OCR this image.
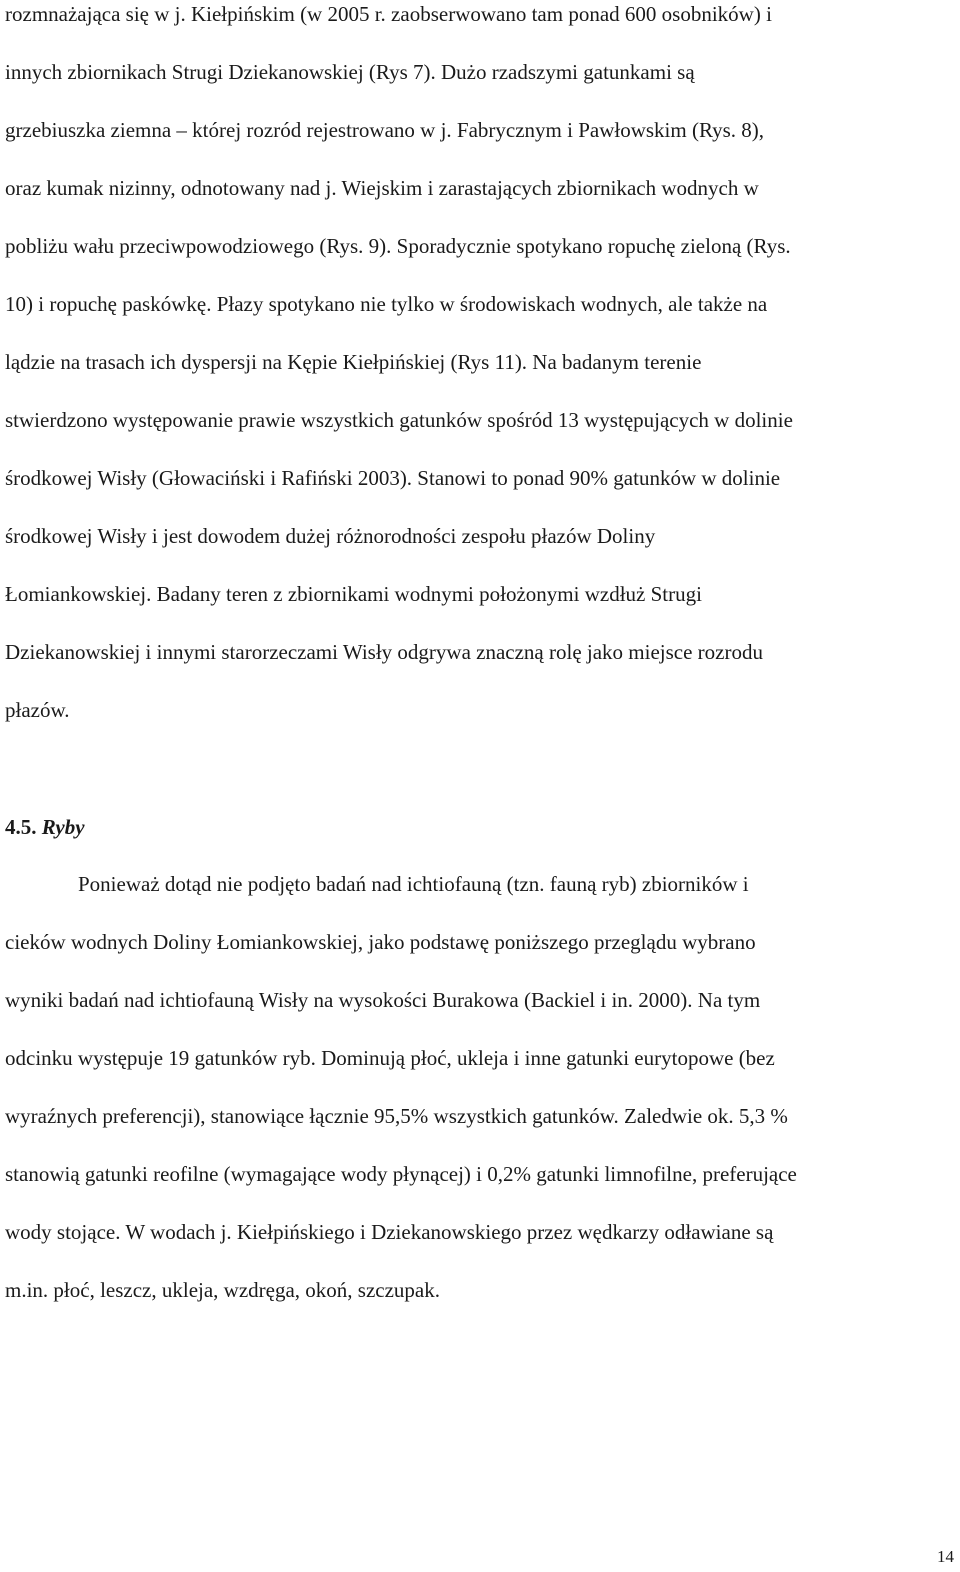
rozmnażająca się w j. Kiełpińskim (w 2005 r. zaobserwowano tam ponad 600 osobników) i
innych zbiornikach Strugi Dziekanowskiej (Rys 7). Dużo rzadszymi gatunkami są
grzebiuszka ziemna – której rozród rejestrowano w j. Fabrycznym i Pawłowskim (Rys. 8),
oraz kumak nizinny, odnotowany nad j. Wiejskim i zarastających zbiornikach wodnych w
pobliżu wału przeciwpowodziowego (Rys. 9). Sporadycznie spotykano ropuchę zieloną (Rys.
10) i ropuchę paskówkę. Płazy spotykano nie tylko w środowiskach wodnych, ale także na
lądzie na trasach ich dyspersji na Kępie Kiełpińskiej (Rys 11). Na badanym terenie
stwierdzono występowanie prawie wszystkich gatunków spośród 13 występujących w dolinie
środkowej Wisły (Głowaciński i Rafiński 2003). Stanowi to ponad 90% gatunków w dolinie
środkowej Wisły i jest dowodem dużej różnorodności zespołu płazów Doliny
Łomiankowskiej. Badany teren z zbiornikami wodnymi położonymi wzdłuż Strugi
Dziekanowskiej i innymi starorzeczami Wisły odgrywa znaczną rolę jako miejsce rozrodu
płazów.
4.5. Ryby
Ponieważ dotąd nie podjęto badań nad ichtiofauną (tzn. fauną ryb) zbiorników i
cieków wodnych Doliny Łomiankowskiej, jako podstawę poniższego przeglądu wybrano
wyniki badań nad ichtiofauną Wisły na wysokości Burakowa (Backiel i in. 2000). Na tym
odcinku występuje 19 gatunków ryb. Dominują płoć, ukleja i inne gatunki eurytopowe (bez
wyraźnych preferencji), stanowiące łącznie 95,5% wszystkich gatunków. Zaledwie ok. 5,3 %
stanowią gatunki reofilne (wymagające wody płynącej) i 0,2% gatunki limnofilne, preferujące
wody stojące. W wodach j. Kiełpińskiego i Dziekanowskiego przez wędkarzy odławiane są
m.in. płoć, leszcz, ukleja, wzdręga, okoń, szczupak.
14
